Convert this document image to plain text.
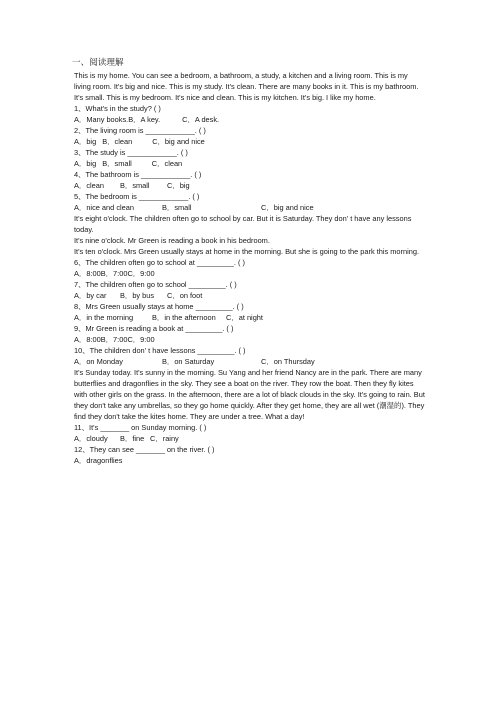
一、阅读理解

This is my home. You can see a bedroom, a bathroom, a study, a kitchen and a living room. This is my living room. It's big and nice. This is my study. It's clean. There are many books in it. This is my bathroom. It's small. This is my bedroom. It's nice and clean. This is my kitchen. It's big. I like my home.

1、What's in the study? ( )
A．Many books.B．A key.	C．A desk.
2、The living room is ____________. ( )
A．big B．clean	C．big and nice
3、The study is ____________. ( )
A．big B．small	C．clean
4、The bathroom is ____________. ( )
A．clean B．small C．big
5、The bedroom is ____________. ( )
A．nice and clean	B．small	C．big and nice

It's eight o'clock. The children often go to school by car. But it is Saturday. They don' t have any lessons today.

It's nine o'clock. Mr Green is reading a book in his bedroom.

It's ten o'clock. Mrs Green usually stays at home in the morning. But she is going to the park this morning.

6、The children often go to school at _________. ( )
A．8:00B．7:00C．9:00
7、The children often go to school _________. ( )
A．by car B．by bus C．on foot
8、Mrs Green usually stays at home _________. ( )
A．in the morning	B．in the afternoon C．at night
9、Mr Green is reading a book at _________. ( )
A．8:00B．7:00C．9:00
10、The children don' t have lessons _________. ( )
A．on Monday	B．on Saturday	C．on Thursday

It's Sunday today. It's sunny in the morning. Su Yang and her friend Nancy are in the park. There are many butterflies and dragonflies in the sky. They see a boat on the river. They row the boat. Then they fly kites with other girls on the grass. In the afternoon, there are a lot of black clouds in the sky. It's going to rain. But they don't take any umbrellas, so they go home quickly. After they get home, they are all wet (潮湿的). They find they don't take the kites home. They are under a tree. What a day!

11、It's _______ on Sunday morning. ( )
A．cloudy B．fine C．rainy
12、They can see _______ on the river. ( )
A．dragonflies
